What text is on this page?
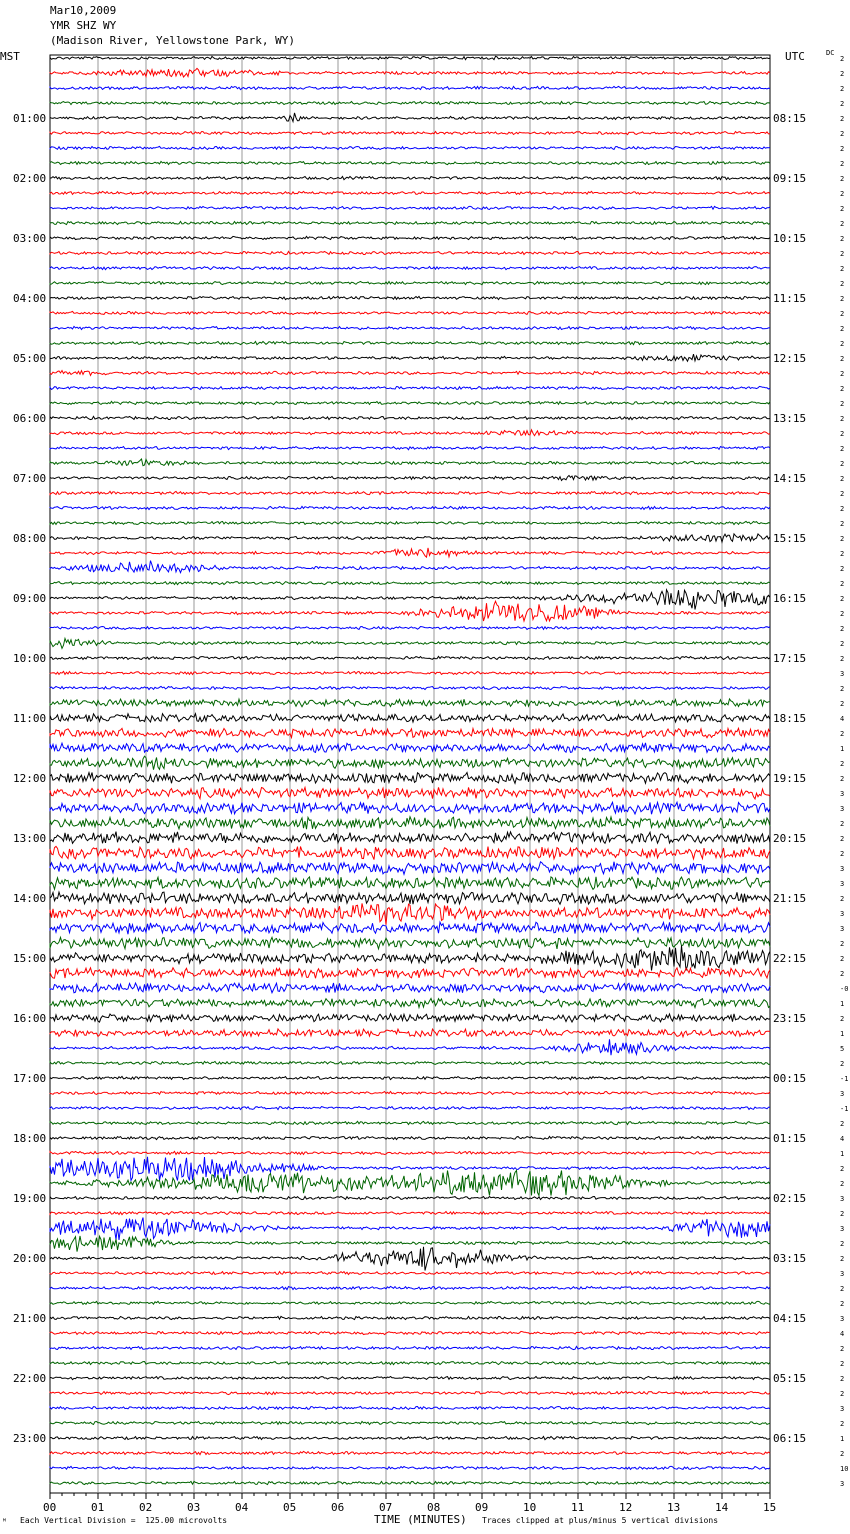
Mar10,2009
YMR SHZ WY
(Madison River, Yellowstone Park, WY)
MST	UTC	DC
2
2
2
2
2
2
2
2
2
2
2
2
2
2
2
2
2
2
2
2
2
2
2
2
2
2
2
2
2
2
2
2
2
2
2
2
2
2
2
2
2
3
2
2
4
2
1
2
2
3
3
2
2
2
3
3
2
3
3
2
2
2
-0
1
2
1
5
2
-1
3
-1
2
4
1
2
2
3
2
3
2
2
3
2
2
3
4
2
2
2
2
3
2
1
2
10
3
01:00	08:15
02:00	09:15
03:00	10:15
04:00	11:15
05:00	12:15
06:00	13:15
07:00	14:15
08:00	15:15
09:00	16:15
10:00	17:15
11:00	18:15
12:00	19:15
13:00	20:15
14:00	21:15
15:00	22:15
16:00	23:15
17:00	00:15
18:00	01:15
19:00	02:15
20:00	03:15
21:00	04:15
22:00	05:15
23:00	06:15
00	01	02	03	04	05	06	07	08	09	10	11	12	13	14	15
ᴹ Each Vertical Division =  125.00 microvolts	TIME (MINUTES) Traces clipped at plus/minus 5 vertical divisions
